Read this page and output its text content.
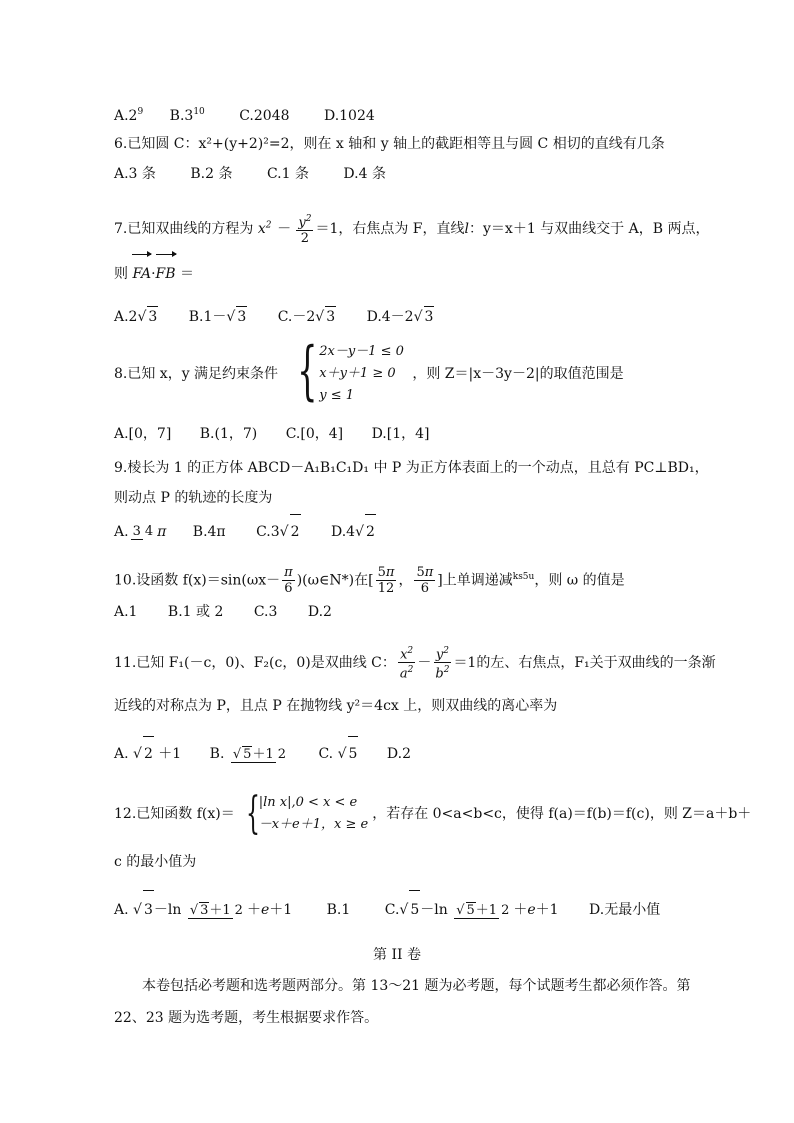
$A.2^9$ $B.3^{10}$ C.2048 D.1024
6.已知圆 C：x²+(y+2)²=2，则在 x 轴和 y 轴上的截距相等且与圆 C 相切的直线有几条
A.3 条 B.2 条 C.1 条 D.4 条
7.已知双曲线的方程为 $x^2 - \frac{y^2}{2} =1$，右焦点为 F，直线l：y＝x＋1 与双曲线交于 A，B 两点，
则 FA
·FB ＝
A.2√ 3 B.1－√ 3 C.－2√ 3 D.4－2√ 3
8.已知 x，y 满足约束条件 { 2x－y－1 ≤ 0
x＋y＋1 ≥ 0
y ≤ 1
，则 Z＝|x－3y－2|的取值范围是
A.[0，7] B.(1，7) C.[0，4] D.[1，4]
9.棱长为 1 的正方体 ABCD－A₁B₁C₁D₁ 中 P 为正方体表面上的一个动点，且总有 PC⊥BD₁，
则动点 P 的轨迹的长度为
A. 3 4 π B.4π C.3√ 2 D.4√ 2
10.设函数 $f(x)=\sin(\omega x- \frac{\pi}{6}$ )(ω∈N*)在[ $\frac{5\pi}{12}$ ， $\frac{5\pi}{6}$ ]上单调递减$^{ks5u}$，则 ω 的值是
A.1 B.1 或 2 C.3 D.2
11.已知 F₁(－c，0)、F₂(c，0)是双曲线 C： $\frac{x^2}{a^2} - \frac{y^2}{b^2} =1$的左、右焦点，F₁关于双曲线的一条渐
近线的对称点为 P，且点 P 在抛物线 y²＝4cx 上，则双曲线的离心率为
A. √ 2 ＋1 B. √ 5＋1 2 C. √ 5 D.2
12.已知函数 f(x)＝ { |ln x|,0 < x < e
－x＋e＋1，x ≥ e
，若存在 0<a<b<c，使得 f(a)＝f(b)＝f(c)，则 Z＝a＋b＋
c 的最小值为
A. √ 3－ln √ 3＋1 2 ＋e＋1 B.1 C.√ 5－ln √ 5＋1 2 ＋e＋1 D.无最小值
第 II 卷
本卷包括必考题和选考题两部分。第 13～21 题为必考题，每个试题考生都必须作答。第
22、23 题为选考题，考生根据要求作答。
